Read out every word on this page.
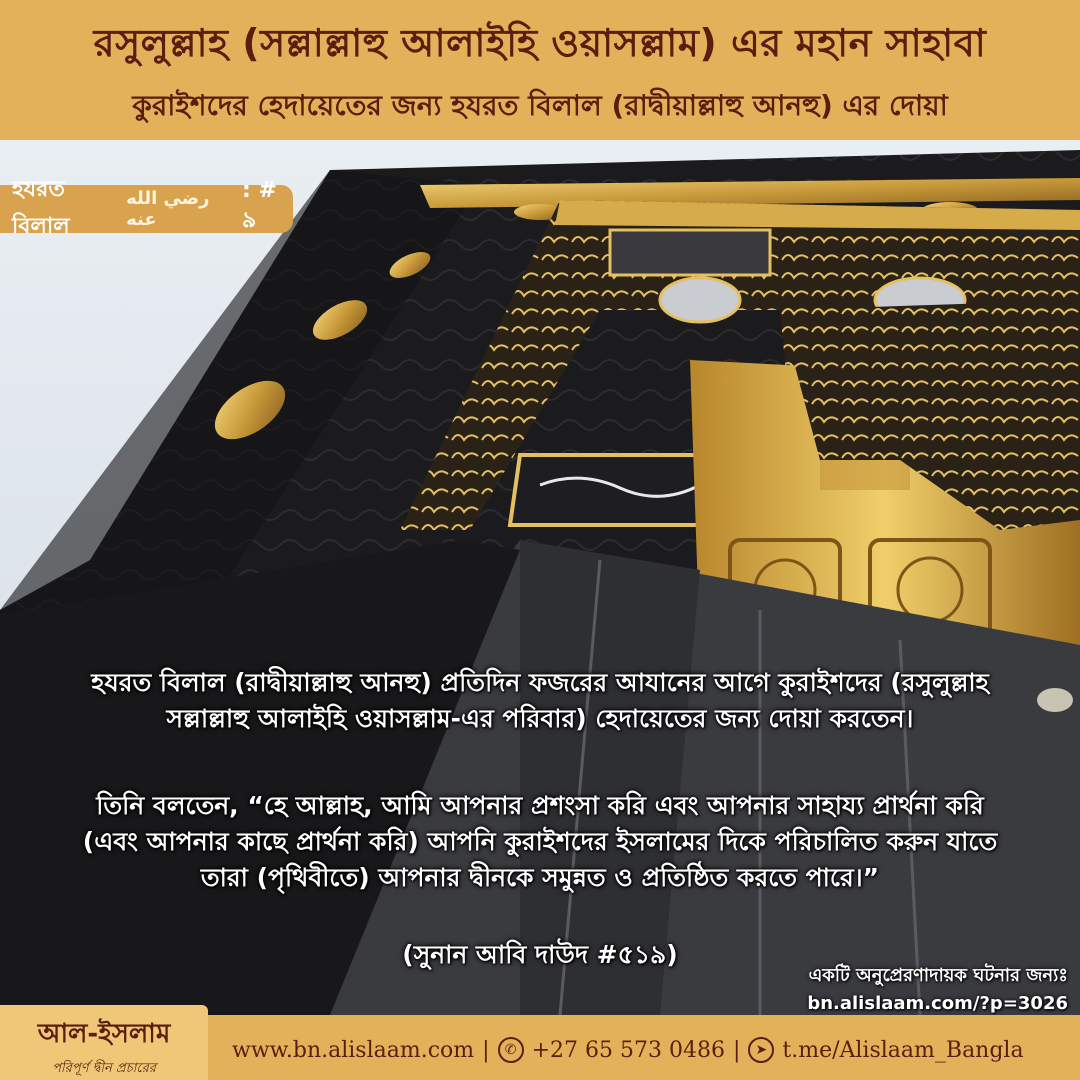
রসুলুল্লাহ (সল্লাল্লাহু আলাইহি ওয়াসল্লাম) এর মহান সাহাবা
কুরাইশদের হেদায়েতের জন্য হযরত বিলাল (রাদ্বীয়াল্লাহু আনহু) এর দোয়া
হযরত বিলাল
رضي الله عنه
: # ৯
হযরত বিলাল (রাদ্বীয়াল্লাহু আনহু) প্রতিদিন ফজরের আযানের আগে কুরাইশদের (রসুলুল্লাহ সল্লাল্লাহু আলাইহি ওয়াসল্লাম-এর পরিবার) হেদায়েতের জন্য দোয়া করতেন।
তিনি বলতেন, “হে আল্লাহ, আমি আপনার প্রশংসা করি এবং আপনার সাহায্য প্রার্থনা করি (এবং আপনার কাছে প্রার্থনা করি) আপনি কুরাইশদের ইসলামের দিকে পরিচালিত করুন যাতে তারা (পৃথিবীতে) আপনার দ্বীনকে সমুন্নত ও প্রতিষ্ঠিত করতে পারে।”
(সুনান আবি দাউদ #৫১৯)
একটি অনুপ্রেরণাদায়ক ঘটনার জন্যঃ
bn.alislaam.com/?p=3026
আল-ইসলাম
পরিপূর্ণ দ্বীন প্রচারের
www.bn.alislaam.com |	✆ +27 65 573 0486 |	➤ t.me/Alislaam_Bangla
